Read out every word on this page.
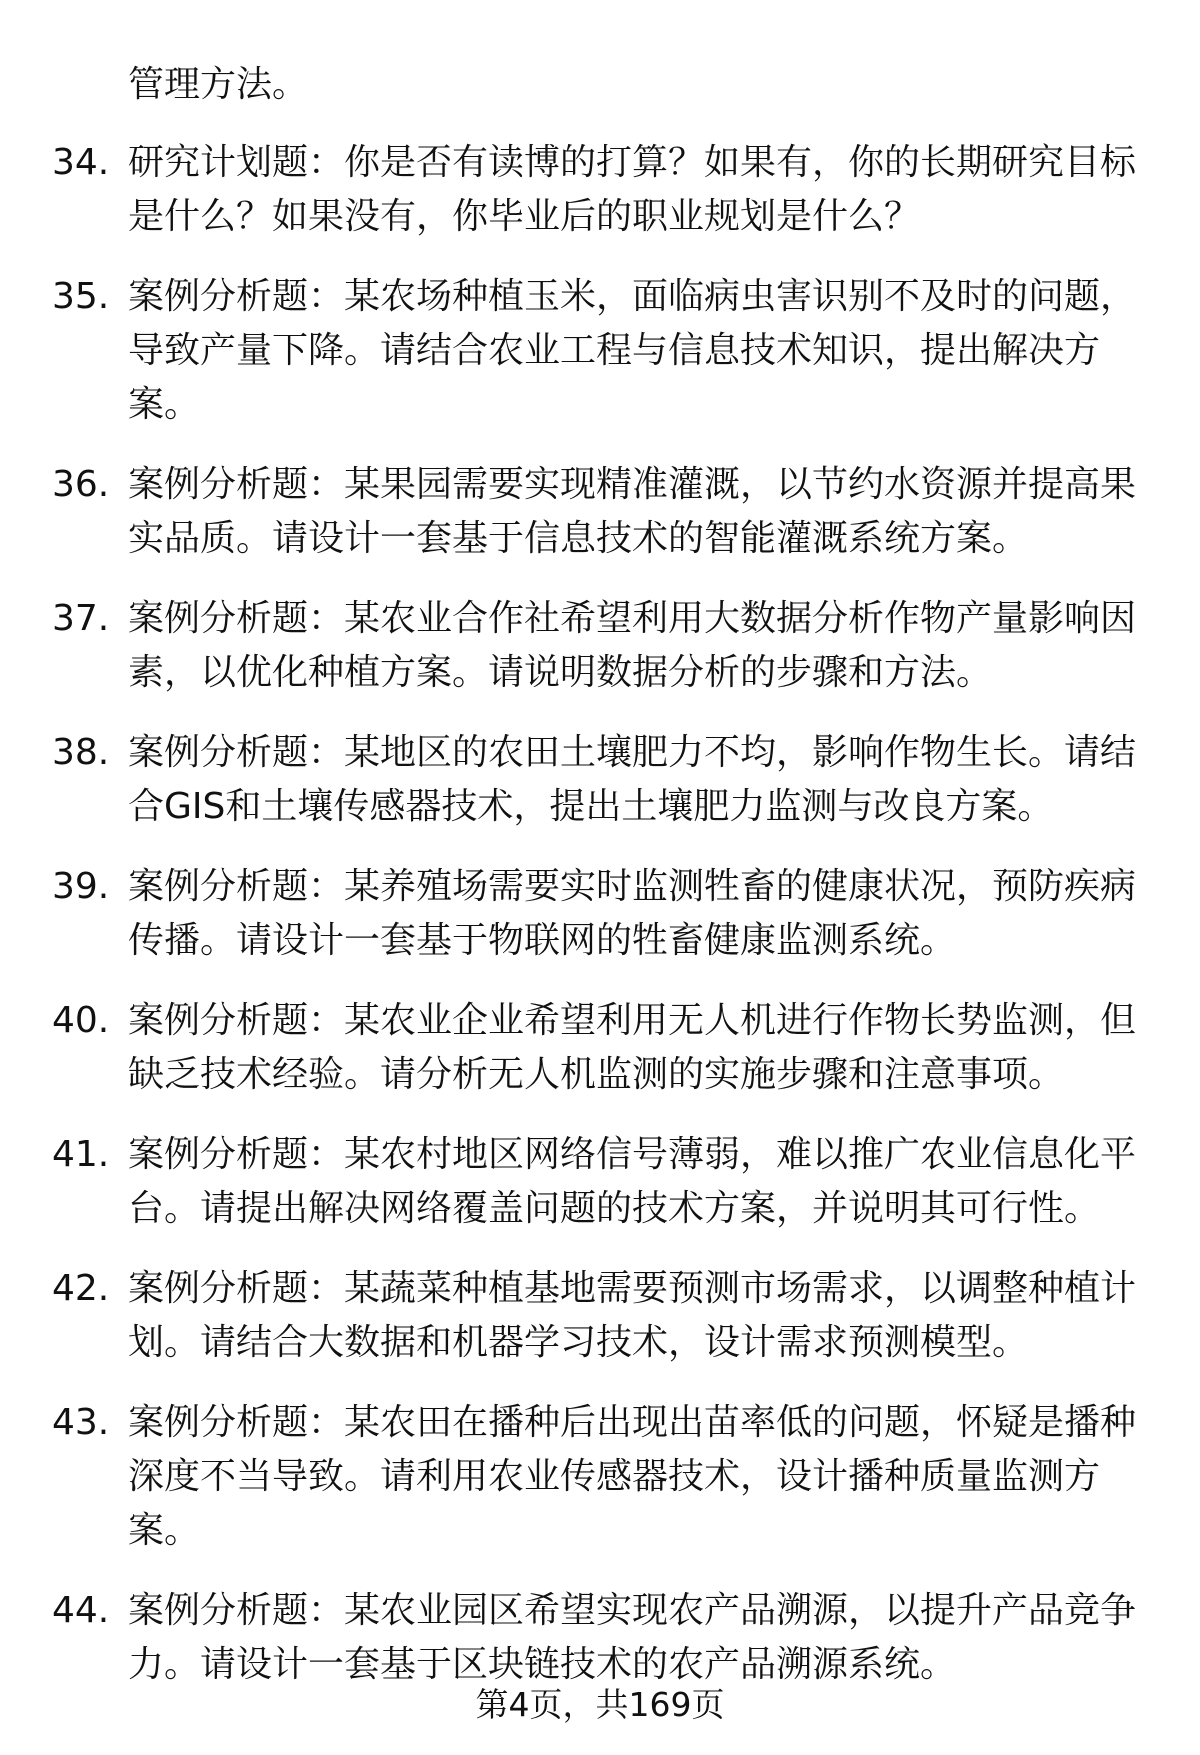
管理方法。
34. 研究计划题：你是否有读博的打算？如果有，你的长期研究目标是什么？如果没有，你毕业后的职业规划是什么？
35. 案例分析题：某农场种植玉米，面临病虫害识别不及时的问题，导致产量下降。请结合农业工程与信息技术知识，提出解决方案。
36. 案例分析题：某果园需要实现精准灌溉，以节约水资源并提高果实品质。请设计一套基于信息技术的智能灌溉系统方案。
37. 案例分析题：某农业合作社希望利用大数据分析作物产量影响因素，以优化种植方案。请说明数据分析的步骤和方法。
38. 案例分析题：某地区的农田土壤肥力不均，影响作物生长。请结合GIS和土壤传感器技术，提出土壤肥力监测与改良方案。
39. 案例分析题：某养殖场需要实时监测牲畜的健康状况，预防疾病传播。请设计一套基于物联网的牲畜健康监测系统。
40. 案例分析题：某农业企业希望利用无人机进行作物长势监测，但缺乏技术经验。请分析无人机监测的实施步骤和注意事项。
41. 案例分析题：某农村地区网络信号薄弱，难以推广农业信息化平台。请提出解决网络覆盖问题的技术方案，并说明其可行性。
42. 案例分析题：某蔬菜种植基地需要预测市场需求，以调整种植计划。请结合大数据和机器学习技术，设计需求预测模型。
43. 案例分析题：某农田在播种后出现出苗率低的问题，怀疑是播种深度不当导致。请利用农业传感器技术，设计播种质量监测方案。
44. 案例分析题：某农业园区希望实现农产品溯源，以提升产品竞争力。请设计一套基于区块链技术的农产品溯源系统。
第4页，共169页
